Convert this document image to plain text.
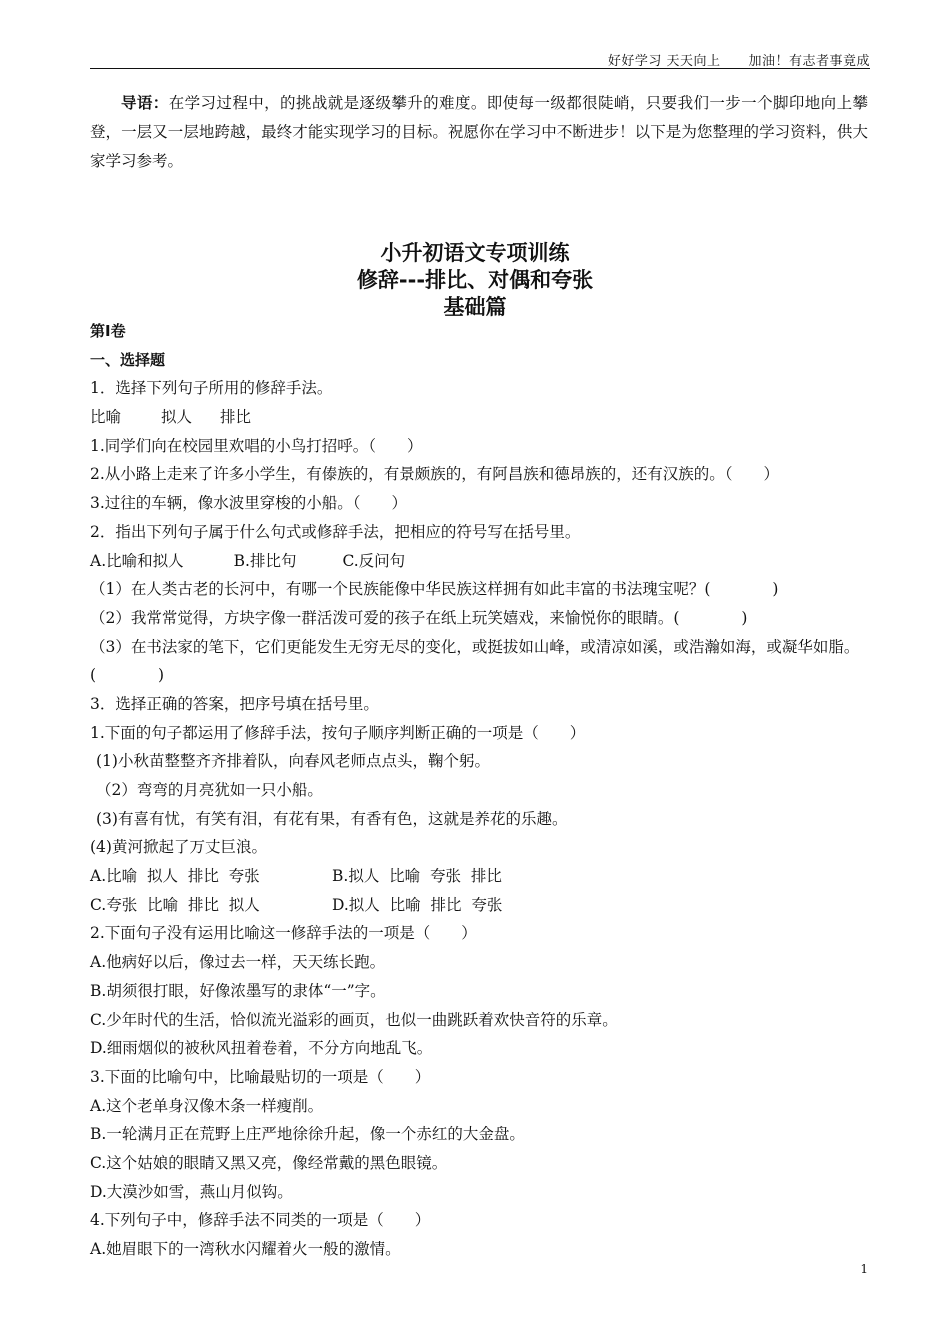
好好学习 天天向上 加油！有志者事竟成
导语：在学习过程中，的挑战就是逐级攀升的难度。即使每一级都很陡峭，只要我们一步一个脚印地向上攀登，一层又一层地跨越，最终才能实现学习的目标。祝愿你在学习中不断进步！以下是为您整理的学习资料，供大家学习参考。
小升初语文专项训练
修辞---排比、对偶和夸张
基础篇
第Ⅰ卷
一、选择题
1．选择下列句子所用的修辞手法。
比喻	拟人 排比
1.同学们向在校园里欢唱的小鸟打招呼。（　　）
2.从小路上走来了许多小学生，有傣族的，有景颇族的，有阿昌族和德昂族的，还有汉族的。（　　）
3.过往的车辆，像水波里穿梭的小船。（　　）
2．指出下列句子属于什么句式或修辞手法，把相应的符号写在括号里。
A.比喻和拟人	B.排比句	C.反问句
（1）在人类古老的长河中，有哪一个民族能像中华民族这样拥有如此丰富的书法瑰宝呢？(　　　　)
（2）我常常觉得，方块字像一群活泼可爱的孩子在纸上玩笑嬉戏，来愉悦你的眼睛。(　　　　)
（3）在书法家的笔下，它们更能发生无穷无尽的变化，或挺拔如山峰，或清凉如溪，或浩瀚如海，或凝华如脂。(　　　　)
3．选择正确的答案，把序号填在括号里。
1.下面的句子都运用了修辞手法，按句子顺序判断正确的一项是（　　）
(1)小秋苗整整齐齐排着队，向春风老师点点头，鞠个躬。
（2）弯弯的月亮犹如一只小船。
(3)有喜有忧，有笑有泪，有花有果，有香有色，这就是养花的乐趣。
(4)黄河掀起了万丈巨浪。
A.比喻  拟人  排比  夸张	B.拟人  比喻  夸张  排比
C.夸张  比喻  排比  拟人	D.拟人  比喻  排比  夸张
2.下面句子没有运用比喻这一修辞手法的一项是（　　）
A.他病好以后，像过去一样，天天练长跑。
B.胡须很打眼，好像浓墨写的隶体“一”字。
C.少年时代的生活，恰似流光溢彩的画页，也似一曲跳跃着欢快音符的乐章。
D.细雨烟似的被秋风扭着卷着，不分方向地乱飞。
3.下面的比喻句中，比喻最贴切的一项是（　　）
A.这个老单身汉像木条一样瘦削。
B.一轮满月正在荒野上庄严地徐徐升起，像一个赤红的大金盘。
C.这个姑娘的眼睛又黑又亮，像经常戴的黑色眼镜。
D.大漠沙如雪，燕山月似钩。
4.下列句子中，修辞手法不同类的一项是（　　）
A.她眉眼下的一湾秋水闪耀着火一般的激情。
1
